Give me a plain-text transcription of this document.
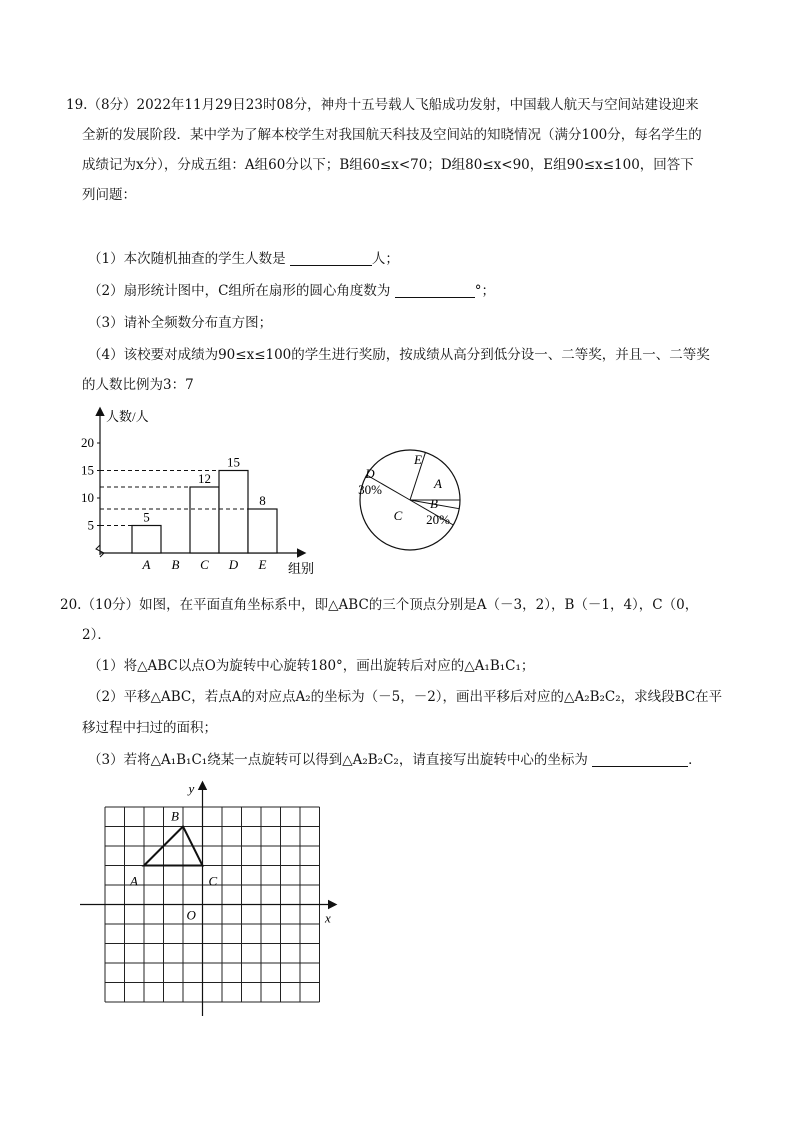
19.（8分）2022年11月29日23时08分，神舟十五号载人飞船成功发射，中国载人航天与空间站建设迎来
全新的发展阶段．某中学为了解本校学生对我国航天科技及空间站的知晓情况（满分100分，每名学生的
成绩记为x分），分成五组：A组60分以下；B组60≤x<70；D组80≤x<90，E组90≤x≤100，回答下
列问题：
（1）本次随机抽查的学生人数是	人；
（2）扇形统计图中，C组所在扇形的圆心角度数为	°；
（3）请补全频数分布直方图；
（4）该校要对成绩为90≤x≤100的学生进行奖励，按成绩从高分到低分设一、二等奖，并且一、二等奖
的人数比例为3：7
人数/人
组别
5
10
15
20
A
5
B C
12
D
15
E
8
A
B
20%
C
D
30%
E
20.（10分）如图，在平面直角坐标系中，即△ABC的三个顶点分别是A（－3，2），B（－1，4），C（0，
2）．
（1）将△ABC以点O为旋转中心旋转180°，画出旋转后对应的△A₁B₁C₁；
（2）平移△ABC，若点A的对应点A₂的坐标为（－5，－2），画出平移后对应的△A₂B₂C₂，求线段BC在平
移过程中扫过的面积；
（3）若将△A₁B₁C₁绕某一点旋转可以得到△A₂B₂C₂，请直接写出旋转中心的坐标为	．
x
y
O
A
B
C
